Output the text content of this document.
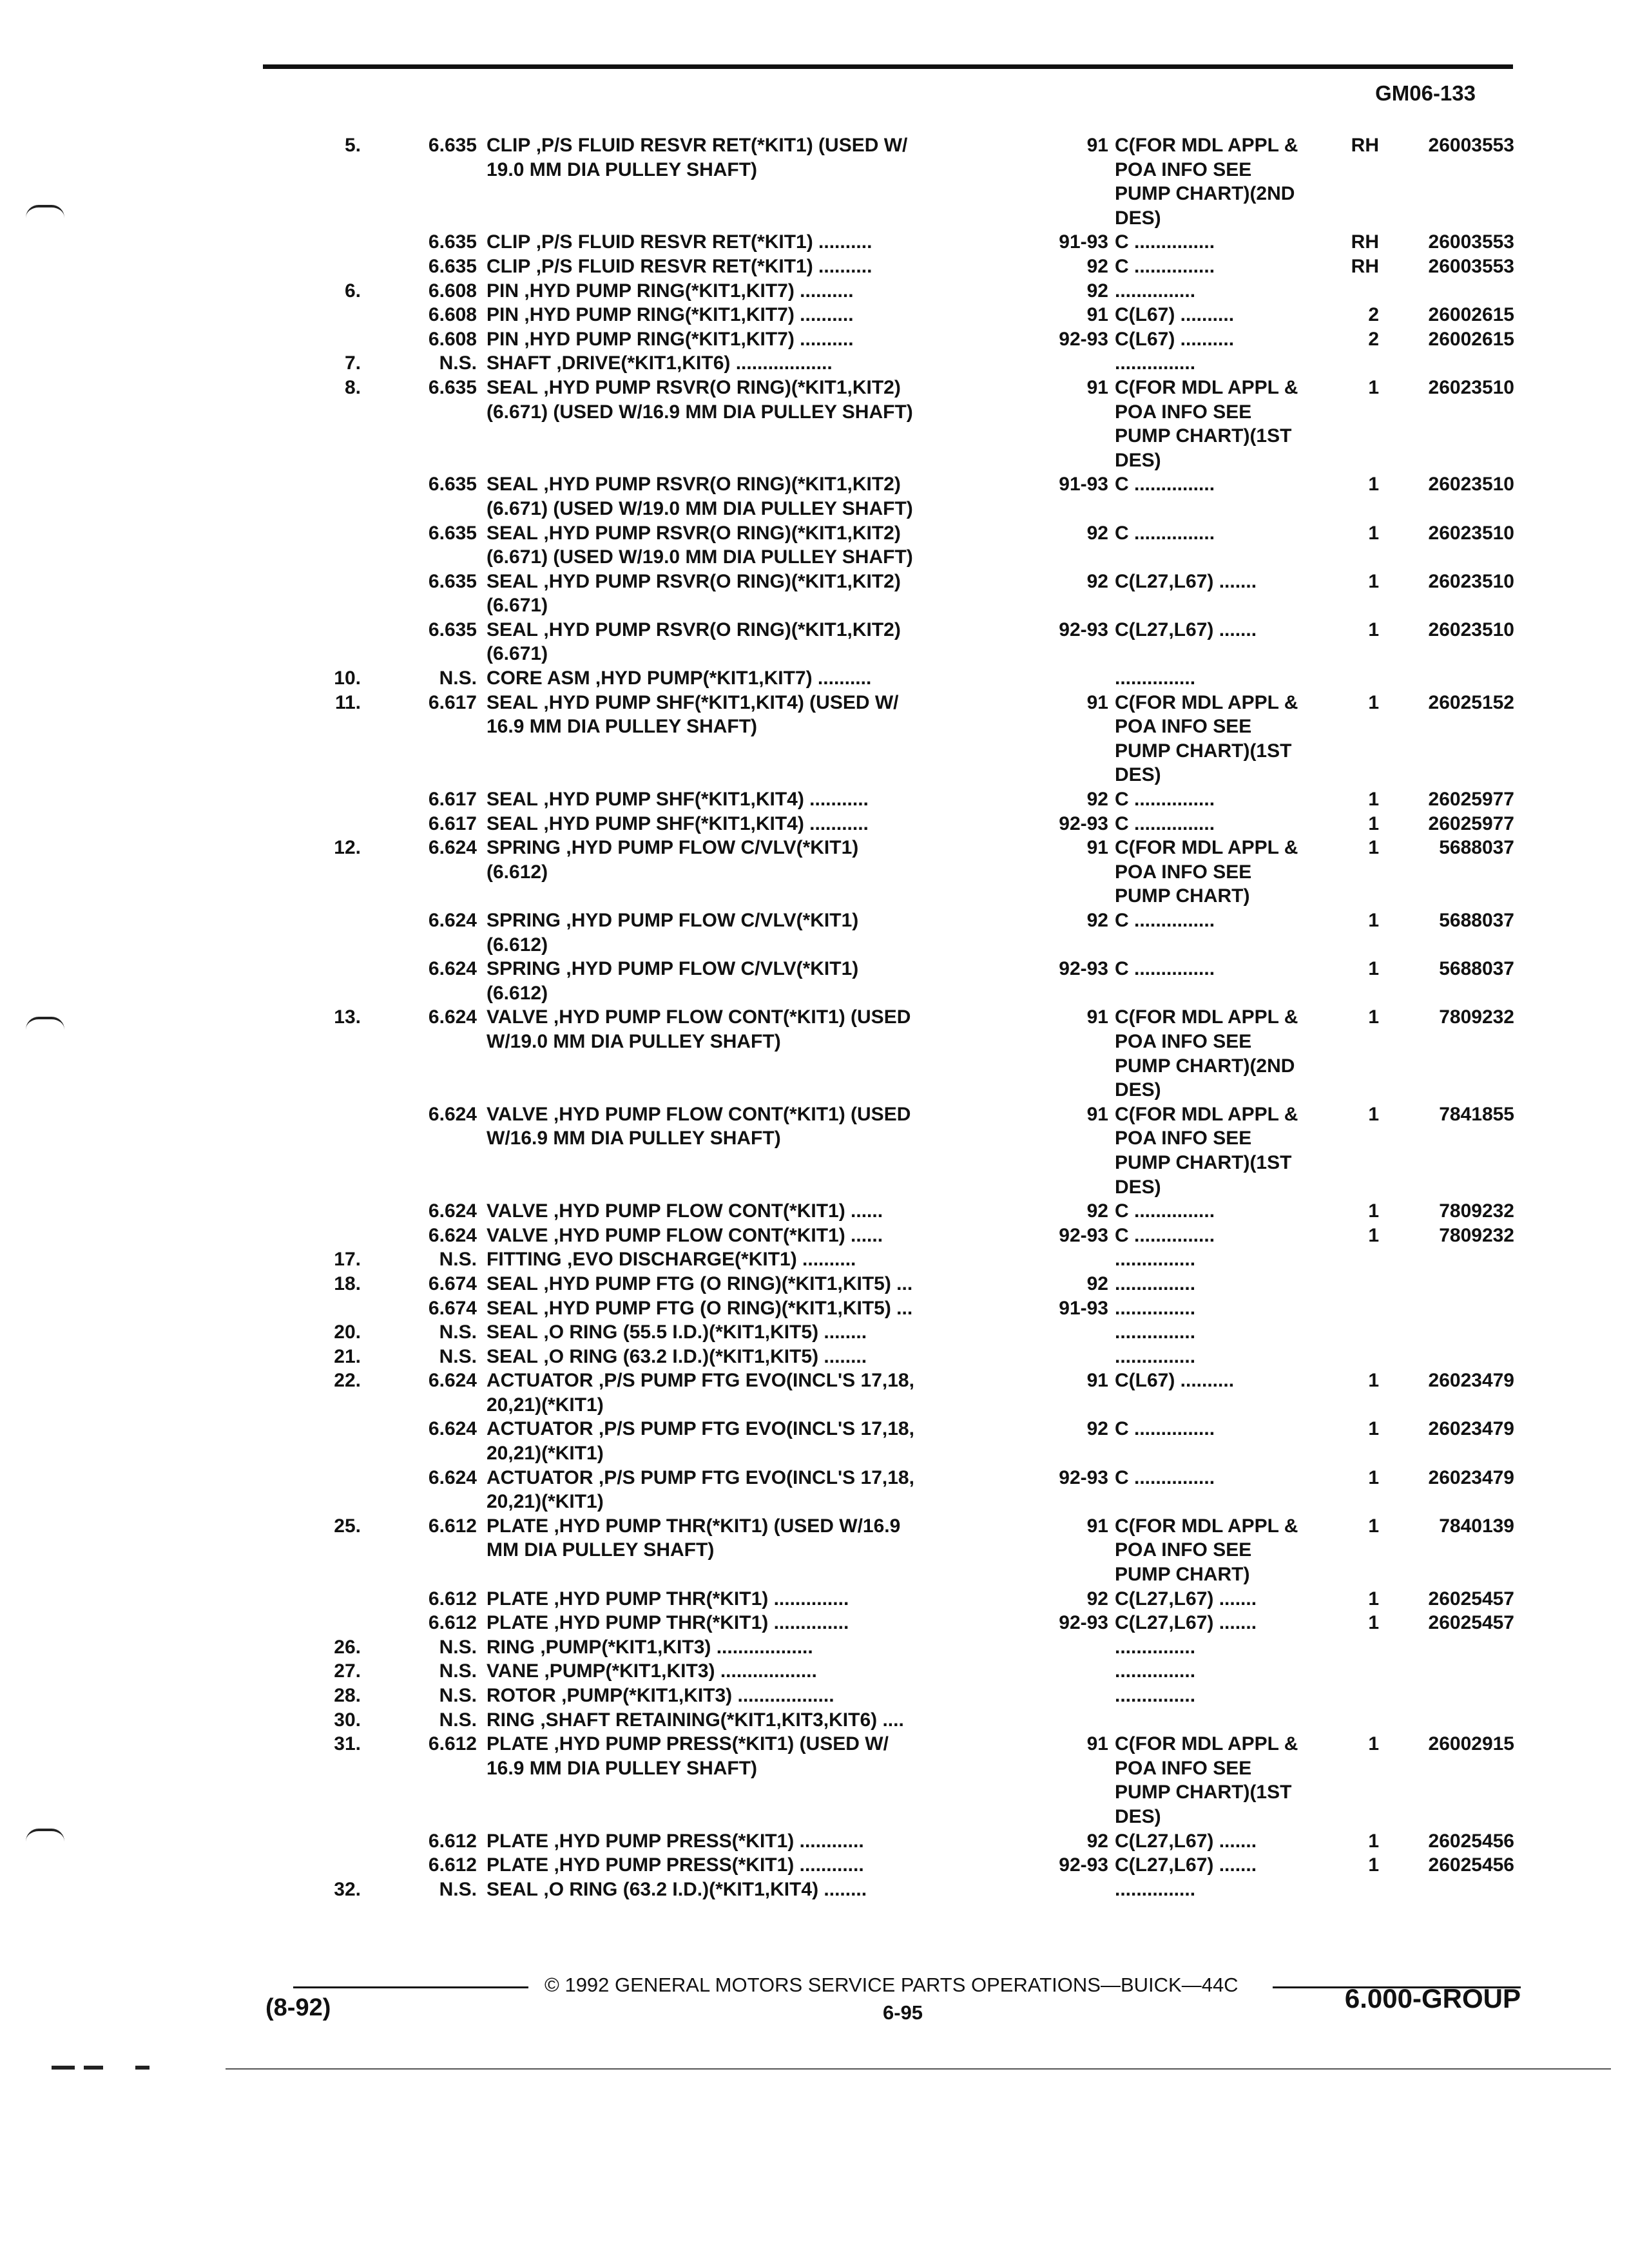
GM06-133
5.	6.635 CLIP ,P/S FLUID RESVR RET(*KIT1) (USED W/	91 C(FOR MDL APPL &	RH	26003553
19.0 MM DIA PULLEY SHAFT)	POA INFO SEE
PUMP CHART)(2ND
DES)
6.635 CLIP ,P/S FLUID RESVR RET(*KIT1) ..........	91-93 C ...............	RH	26003553
6.635 CLIP ,P/S FLUID RESVR RET(*KIT1) ..........	92 C ...............	RH	26003553
6.	6.608 PIN ,HYD PUMP RING(*KIT1,KIT7) ..........	92 ...............
6.608 PIN ,HYD PUMP RING(*KIT1,KIT7) ..........	91 C(L67) ..........	2	26002615
6.608 PIN ,HYD PUMP RING(*KIT1,KIT7) ..........	92-93 C(L67) ..........	2	26002615
7.	N.S. SHAFT ,DRIVE(*KIT1,KIT6) ..................	...............
8.	6.635 SEAL ,HYD PUMP RSVR(O RING)(*KIT1,KIT2)	91 C(FOR MDL APPL &	1	26023510
(6.671) (USED W/16.9 MM DIA PULLEY SHAFT)	POA INFO SEE
PUMP CHART)(1ST
DES)
6.635 SEAL ,HYD PUMP RSVR(O RING)(*KIT1,KIT2)	91-93 C ...............	1	26023510
(6.671) (USED W/19.0 MM DIA PULLEY SHAFT)
6.635 SEAL ,HYD PUMP RSVR(O RING)(*KIT1,KIT2)	92 C ...............	1	26023510
(6.671) (USED W/19.0 MM DIA PULLEY SHAFT)
6.635 SEAL ,HYD PUMP RSVR(O RING)(*KIT1,KIT2)	92 C(L27,L67) .......	1	26023510
(6.671)
6.635 SEAL ,HYD PUMP RSVR(O RING)(*KIT1,KIT2)	92-93 C(L27,L67) .......	1	26023510
(6.671)
10.	N.S. CORE ASM ,HYD PUMP(*KIT1,KIT7) ..........	...............
11.	6.617 SEAL ,HYD PUMP SHF(*KIT1,KIT4) (USED W/	91 C(FOR MDL APPL &	1	26025152
16.9 MM DIA PULLEY SHAFT)	POA INFO SEE
PUMP CHART)(1ST
DES)
6.617 SEAL ,HYD PUMP SHF(*KIT1,KIT4) ...........	92 C ...............	1	26025977
6.617 SEAL ,HYD PUMP SHF(*KIT1,KIT4) ...........	92-93 C ...............	1	26025977
12.	6.624 SPRING ,HYD PUMP FLOW C/VLV(*KIT1)	91 C(FOR MDL APPL &	1	5688037
(6.612)	POA INFO SEE
PUMP CHART)
6.624 SPRING ,HYD PUMP FLOW C/VLV(*KIT1)	92 C ...............	1	5688037
(6.612)
6.624 SPRING ,HYD PUMP FLOW C/VLV(*KIT1)	92-93 C ...............	1	5688037
(6.612)
13.	6.624 VALVE ,HYD PUMP FLOW CONT(*KIT1) (USED	91 C(FOR MDL APPL &	1	7809232
W/19.0 MM DIA PULLEY SHAFT)	POA INFO SEE
PUMP CHART)(2ND
DES)
6.624 VALVE ,HYD PUMP FLOW CONT(*KIT1) (USED	91 C(FOR MDL APPL &	1	7841855
W/16.9 MM DIA PULLEY SHAFT)	POA INFO SEE
PUMP CHART)(1ST
DES)
6.624 VALVE ,HYD PUMP FLOW CONT(*KIT1) ......	92 C ...............	1	7809232
6.624 VALVE ,HYD PUMP FLOW CONT(*KIT1) ......	92-93 C ...............	1	7809232
17.	N.S. FITTING ,EVO DISCHARGE(*KIT1) ..........	...............
18.	6.674 SEAL ,HYD PUMP FTG (O RING)(*KIT1,KIT5) ...	92 ...............
6.674 SEAL ,HYD PUMP FTG (O RING)(*KIT1,KIT5) ...	91-93 ...............
20.	N.S. SEAL ,O RING (55.5 I.D.)(*KIT1,KIT5) ........	...............
21.	N.S. SEAL ,O RING (63.2 I.D.)(*KIT1,KIT5) ........	...............
22.	6.624 ACTUATOR ,P/S PUMP FTG EVO(INCL'S 17,18,	91 C(L67) ..........	1	26023479
20,21)(*KIT1)
6.624 ACTUATOR ,P/S PUMP FTG EVO(INCL'S 17,18,	92 C ...............	1	26023479
20,21)(*KIT1)
6.624 ACTUATOR ,P/S PUMP FTG EVO(INCL'S 17,18,	92-93 C ...............	1	26023479
20,21)(*KIT1)
25.	6.612 PLATE ,HYD PUMP THR(*KIT1) (USED W/16.9	91 C(FOR MDL APPL &	1	7840139
MM DIA PULLEY SHAFT)	POA INFO SEE
PUMP CHART)
6.612 PLATE ,HYD PUMP THR(*KIT1) ..............	92 C(L27,L67) .......	1	26025457
6.612 PLATE ,HYD PUMP THR(*KIT1) ..............	92-93 C(L27,L67) .......	1	26025457
26.	N.S. RING ,PUMP(*KIT1,KIT3) ..................	...............
27.	N.S. VANE ,PUMP(*KIT1,KIT3) ..................	...............
28.	N.S. ROTOR ,PUMP(*KIT1,KIT3) ..................	...............
30.	N.S. RING ,SHAFT RETAINING(*KIT1,KIT3,KIT6) ....
31.	6.612 PLATE ,HYD PUMP PRESS(*KIT1) (USED W/	91 C(FOR MDL APPL &	1	26002915
16.9 MM DIA PULLEY SHAFT)	POA INFO SEE
PUMP CHART)(1ST
DES)
6.612 PLATE ,HYD PUMP PRESS(*KIT1) ............	92 C(L27,L67) .......	1	26025456
6.612 PLATE ,HYD PUMP PRESS(*KIT1) ............	92-93 C(L27,L67) .......	1	26025456
32.	N.S. SEAL ,O RING (63.2 I.D.)(*KIT1,KIT4) ........	...............
© 1992 GENERAL MOTORS SERVICE PARTS OPERATIONS—BUICK—44C
6-95
(8-92)	6.000-GROUP
